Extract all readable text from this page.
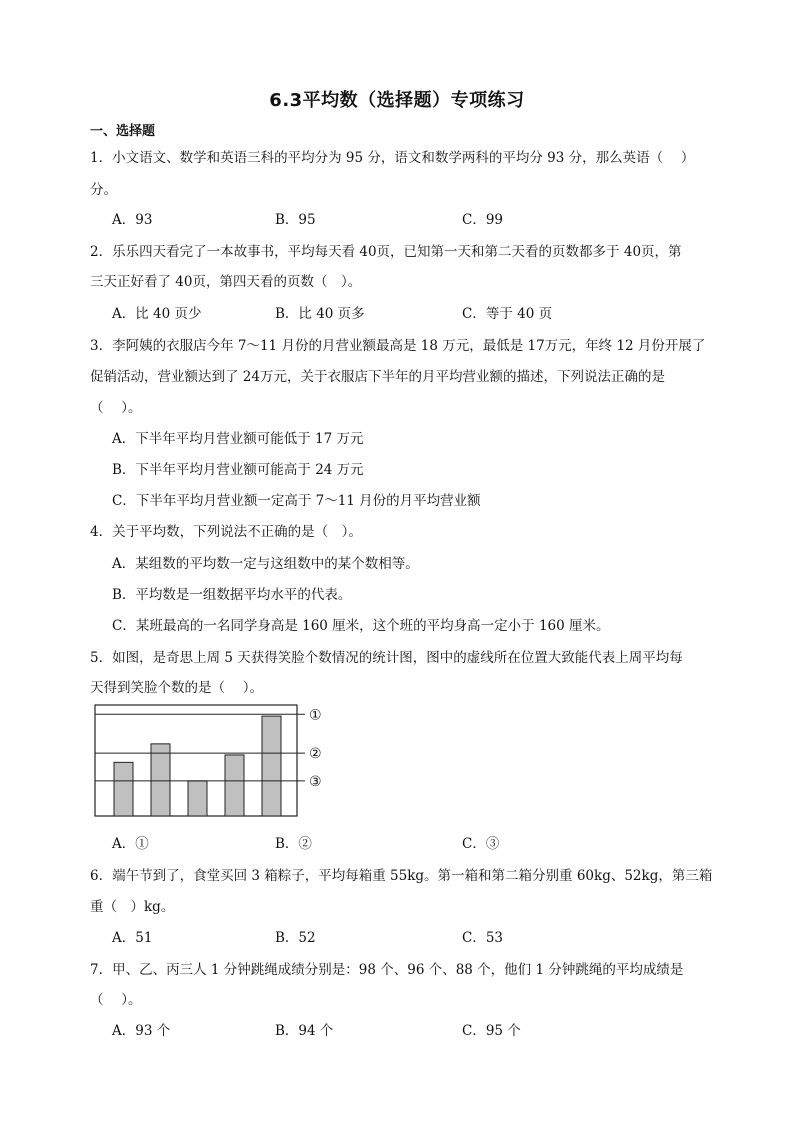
6.3平均数（选择题）专项练习
一、选择题
1．小文语文、数学和英语三科的平均分为 95 分，语文和数学两科的平均分 93 分，那么英语（　 ）
分。
A．93	B．95	C．99
2．乐乐四天看完了一本故事书，平均每天看 40页，已知第一天和第二天看的页数都多于 40页，第
三天正好看了 40页，第四天看的页数（　）。
A．比 40 页少	B．比 40 页多	C．等于 40 页
3．李阿姨的衣服店今年 7～11 月份的月营业额最高是 18 万元，最低是 17万元，年终 12 月份开展了
促销活动，营业额达到了 24万元，关于衣服店下半年的月平均营业额的描述，下列说法正确的是
（　 ）。
A．下半年平均月营业额可能低于 17 万元
B．下半年平均月营业额可能高于 24 万元
C．下半年平均月营业额一定高于 7～11 月份的月平均营业额
4．关于平均数，下列说法不正确的是（　）。
A．某组数的平均数一定与这组数中的某个数相等。
B．平均数是一组数据平均水平的代表。
C．某班最高的一名同学身高是 160 厘米，这个班的平均身高一定小于 160 厘米。
5．如图，是奇思上周 5 天获得笑脸个数情况的统计图，图中的虚线所在位置大致能代表上周平均每
天得到笑脸个数的是（　 ）。
①
②
③
A．①	B．②	C．③
6．端午节到了，食堂买回 3 箱粽子，平均每箱重 55kg。第一箱和第二箱分别重 60kg、52kg，第三箱
重（　）kg。
A．51	B．52	C．53
7．甲、乙、丙三人 1 分钟跳绳成绩分别是：98 个、96 个、88 个，他们 1 分钟跳绳的平均成绩是
（　 ）。
A．93 个	B．94 个	C．95 个
